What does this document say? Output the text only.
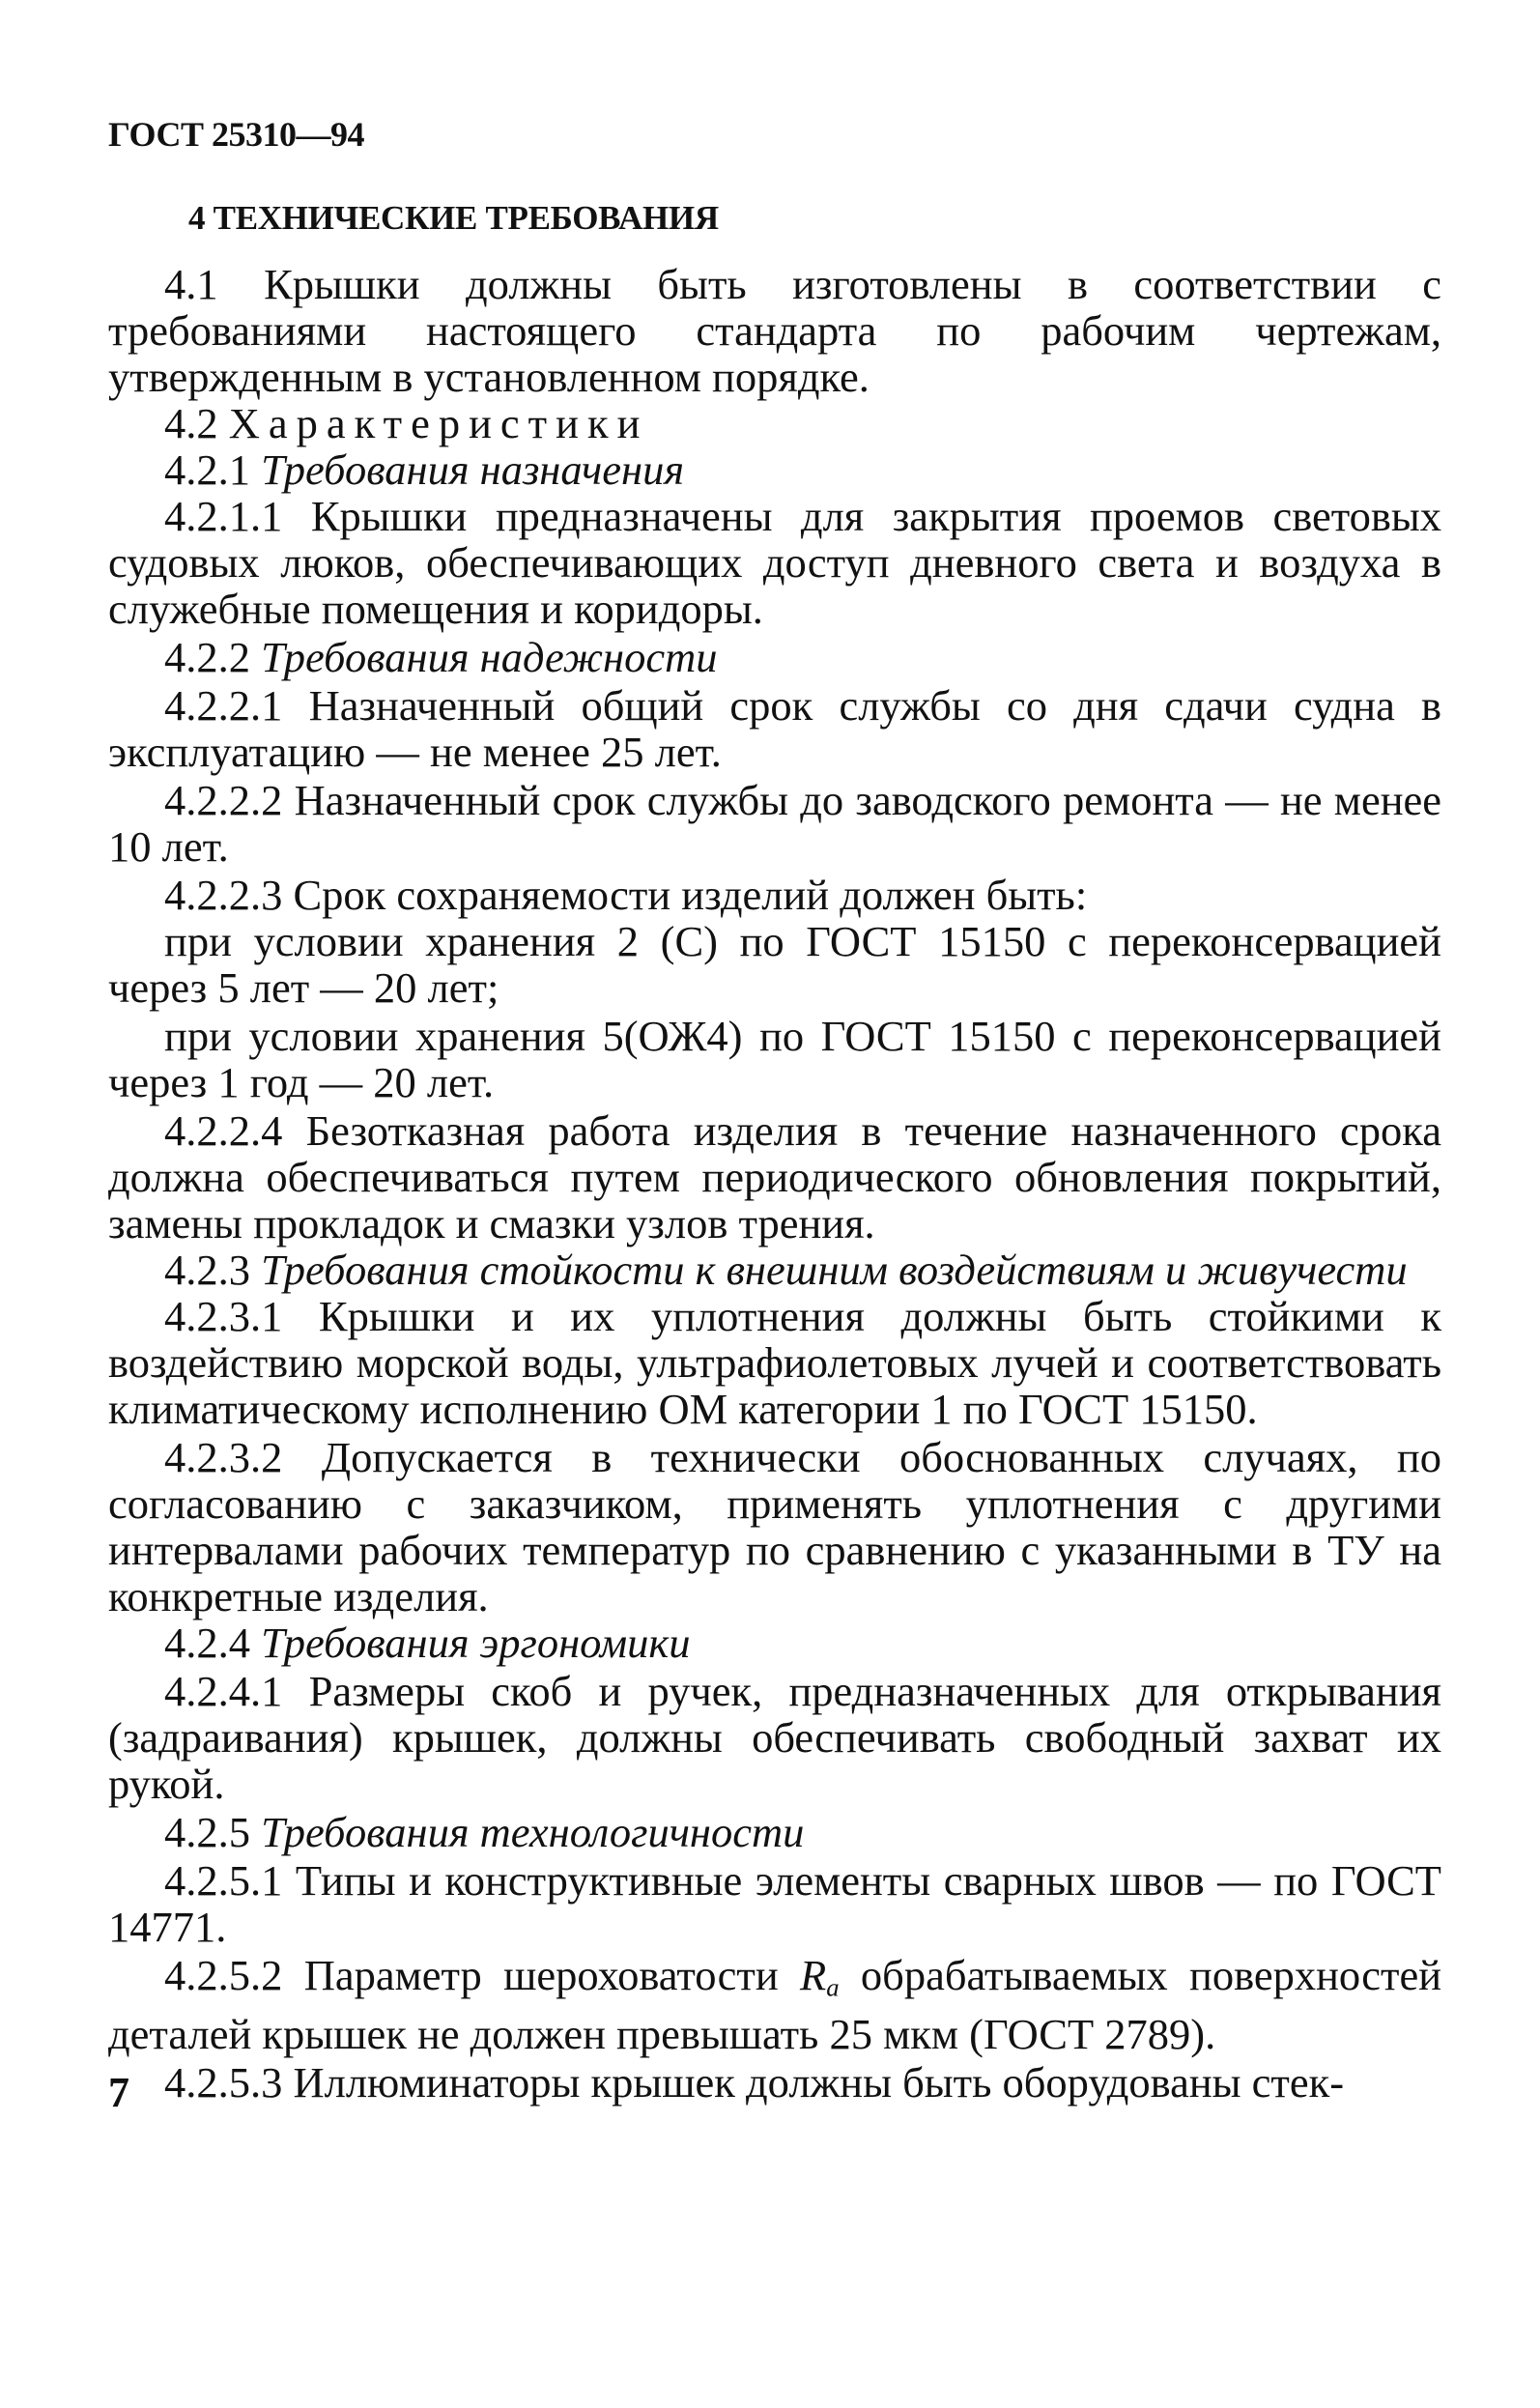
ГОСТ 25310—94
4 ТЕХНИЧЕСКИЕ ТРЕБОВАНИЯ

4.1 Крышки должны быть изготовлены в соответствии с требованиями настоящего стандарта по рабочим чертежам, утвержденным в установленном порядке.

4.2 Характеристики

4.2.1 Требования назначения

4.2.1.1 Крышки предназначены для закрытия проемов световых судовых люков, обеспечивающих доступ дневного света и воздуха в служебные помещения и коридоры.

4.2.2 Требования надежности

4.2.2.1 Назначенный общий срок службы со дня сдачи судна в эксплуатацию — не менее 25 лет.

4.2.2.2 Назначенный срок службы до заводского ремонта — не менее 10 лет.

4.2.2.3 Срок сохраняемости изделий должен быть:

при условии хранения 2 (С) по ГОСТ 15150 с переконсервацией через 5 лет — 20 лет;

при условии хранения 5(ОЖ4) по ГОСТ 15150 с переконсервацией через 1 год — 20 лет.

4.2.2.4 Безотказная работа изделия в течение назначенного срока должна обеспечиваться путем периодического обновления покрытий, замены прокладок и смазки узлов трения.

4.2.3 Требования стойкости к внешним воздействиям и живучести

4.2.3.1 Крышки и их уплотнения должны быть стойкими к воздействию морской воды, ультрафиолетовых лучей и соответствовать климатическому исполнению ОМ категории 1 по ГОСТ 15150.

4.2.3.2 Допускается в технически обоснованных случаях, по согласованию с заказчиком, применять уплотнения с другими интервалами рабочих температур по сравнению с указанными в ТУ на конкретные изделия.

4.2.4 Требования эргономики

4.2.4.1 Размеры скоб и ручек, предназначенных для открывания (задраивания) крышек, должны обеспечивать свободный захват их рукой.

4.2.5 Требования технологичности

4.2.5.1 Типы и конструктивные элементы сварных швов — по ГОСТ 14771.

4.2.5.2 Параметр шероховатости $R_a$ обрабатываемых поверхностей деталей крышек не должен превышать 25 мкм (ГОСТ 2789).

4.2.5.3 Иллюминаторы крышек должны быть оборудованы стек-

7
